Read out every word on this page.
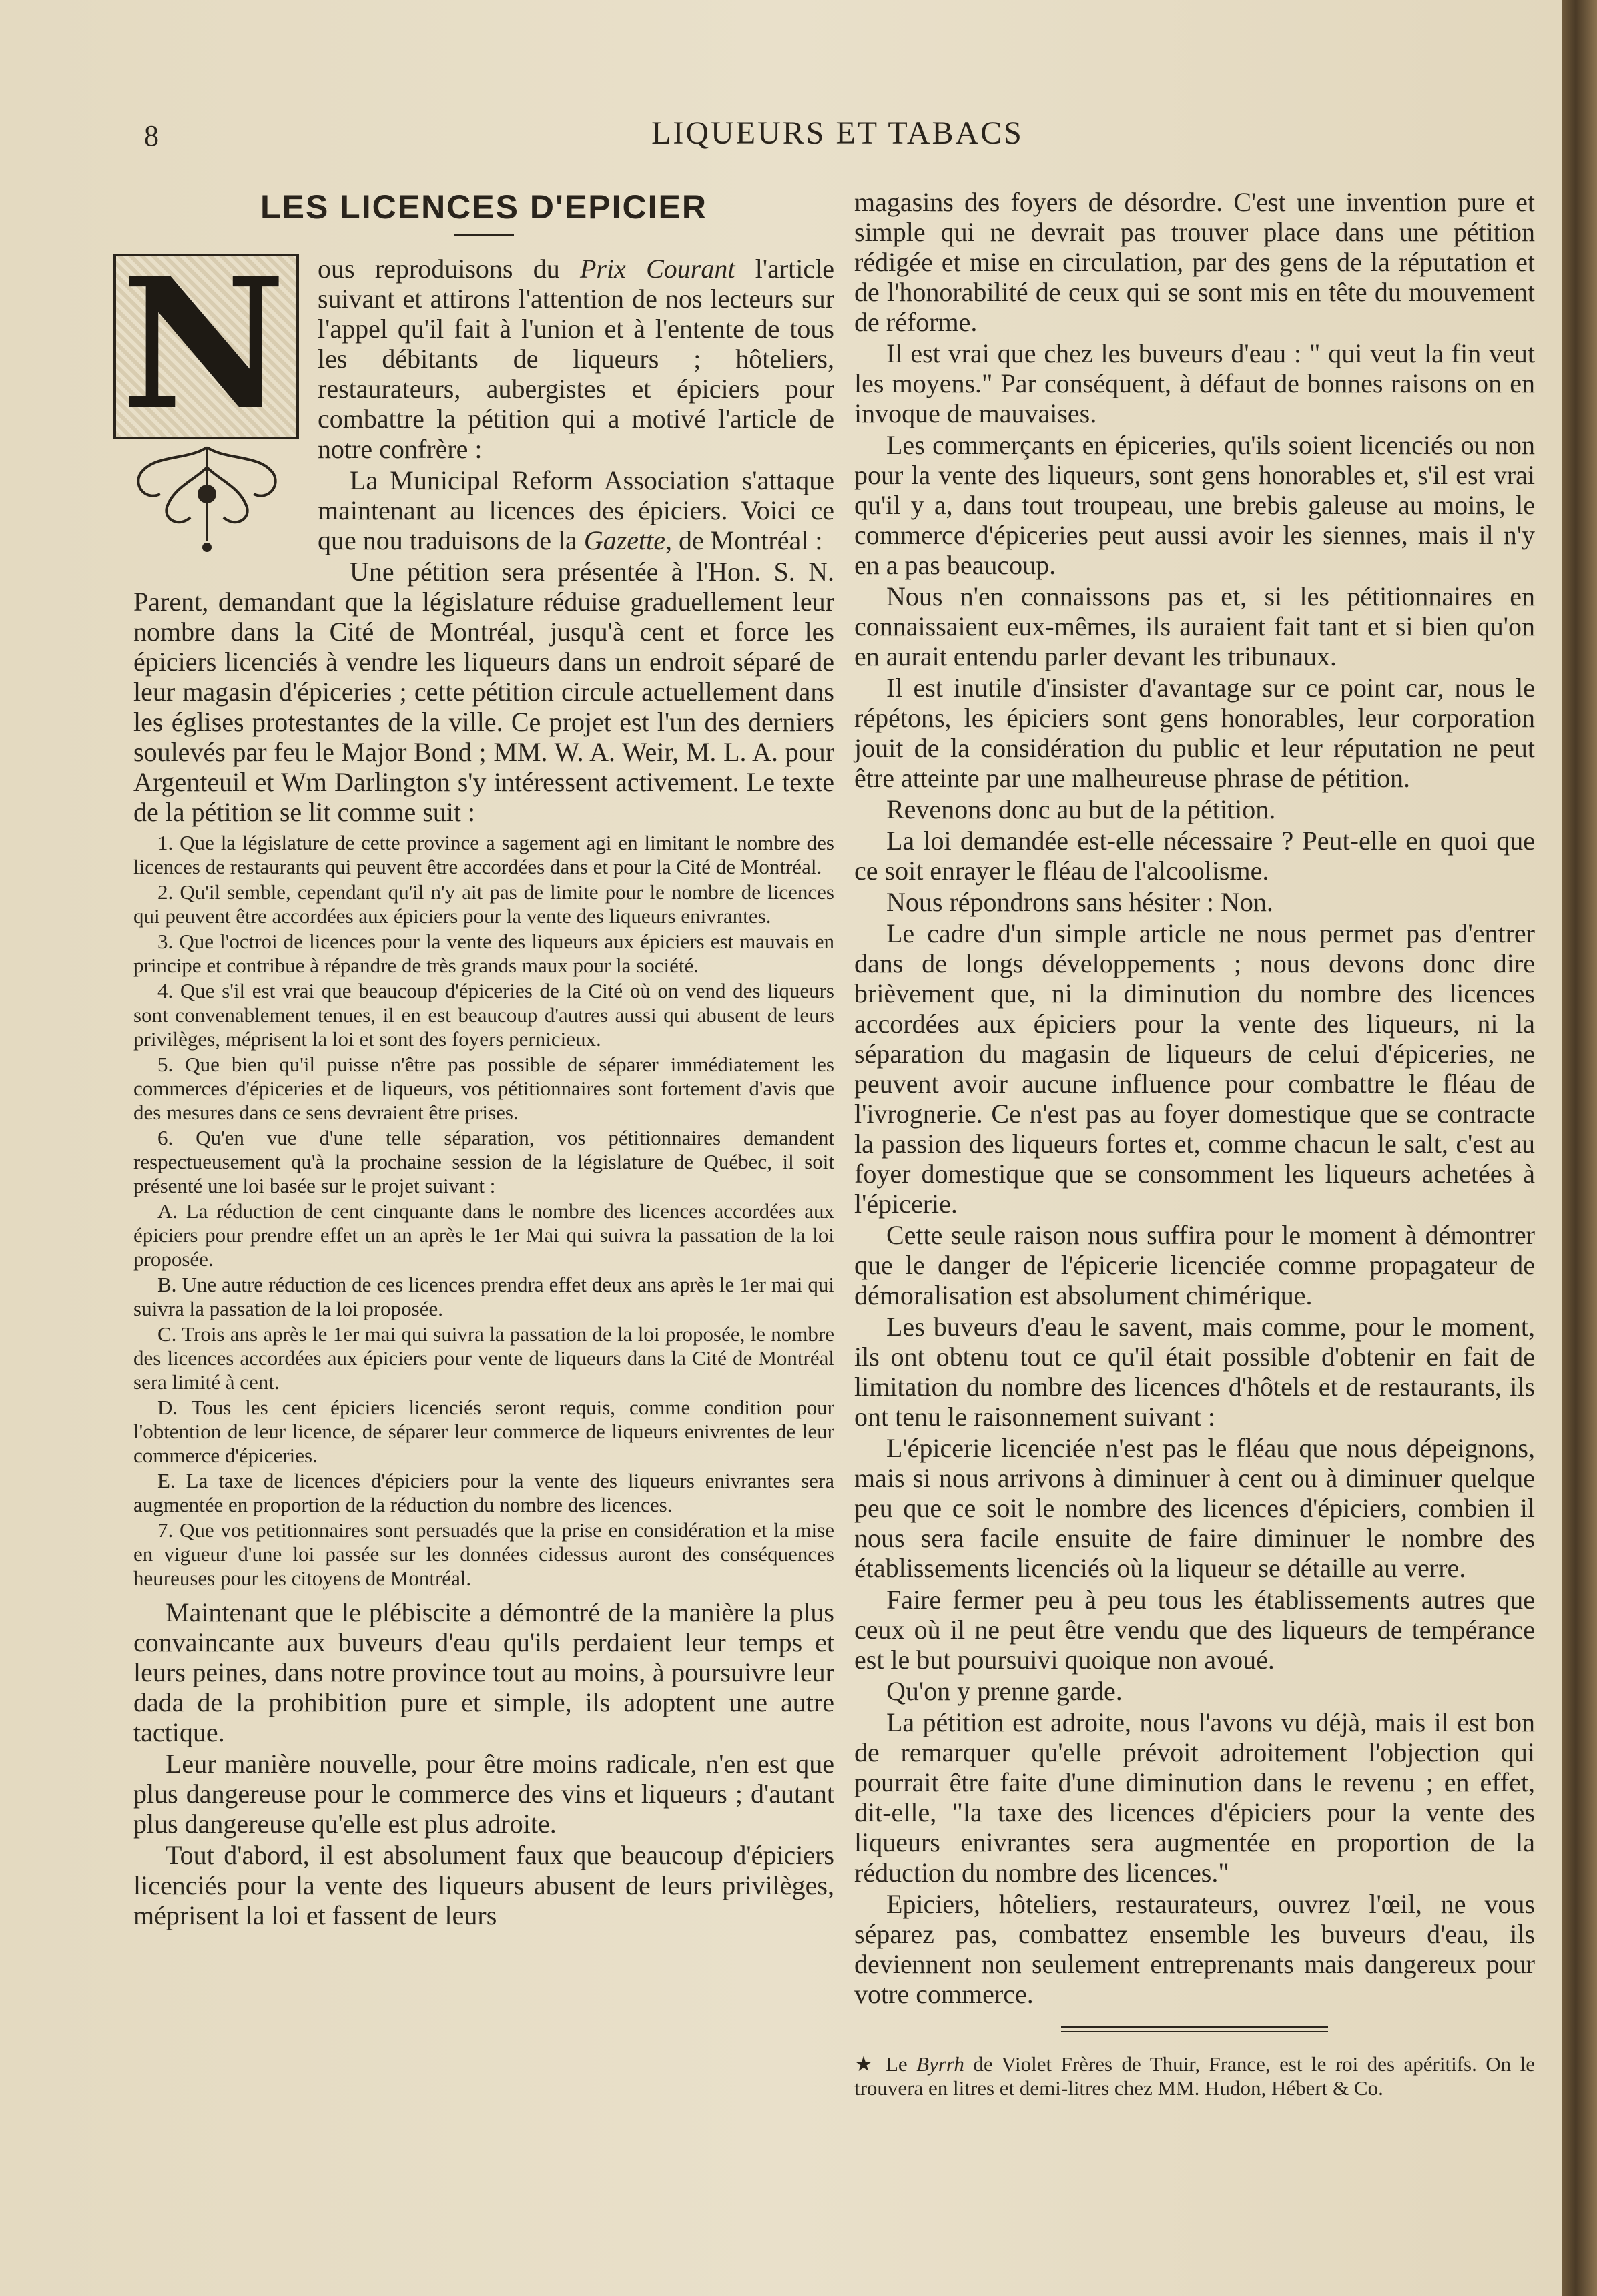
8	LIQUEURS ET TABACS
LES LICENCES D'EPICIER
N	ous reproduisons du Prix Courant l'article suivant et attirons l'attention de nos lecteurs sur l'appel qu'il fait à l'union et à l'entente de tous les débitants de liqueurs ; hôteliers, restaurateurs, aubergistes et épiciers pour combattre la pétition qui a motivé l'article de notre confrère :

La Municipal Reform Association s'attaque maintenant au licences des épiciers. Voici ce que nou traduisons de la Gazette, de Montréal :

Une pétition sera présentée à l'Hon. S. N. Parent, demandant que la législature réduise graduellement leur nombre dans la Cité de Montréal, jusqu'à cent et force les épiciers licenciés à vendre les liqueurs dans un endroit séparé de leur magasin d'épiceries ; cette pétition circule actuellement dans les églises protestantes de la ville. Ce projet est l'un des derniers soulevés par feu le Major Bond ; MM. W. A. Weir, M. L. A. pour Argenteuil et Wm Darlington s'y intéressent activement. Le texte de la pétition se lit comme suit :

1. Que la législature de cette province a sagement agi en limitant le nombre des licences de restaurants qui peuvent être accordées dans et pour la Cité de Montréal.

2. Qu'il semble, cependant qu'il n'y ait pas de limite pour le nombre de licences qui peuvent être accordées aux épiciers pour la vente des liqueurs enivrantes.

3. Que l'octroi de licences pour la vente des liqueurs aux épiciers est mauvais en principe et contribue à répandre de très grands maux pour la société.

4. Que s'il est vrai que beaucoup d'épiceries de la Cité où on vend des liqueurs sont convenablement tenues, il en est beaucoup d'autres aussi qui abusent de leurs privilèges, méprisent la loi et sont des foyers pernicieux.

5. Que bien qu'il puisse n'être pas possible de séparer immédiatement les commerces d'épiceries et de liqueurs, vos pétitionnaires sont fortement d'avis que des mesures dans ce sens devraient être prises.

6. Qu'en vue d'une telle séparation, vos pétitionnaires demandent respectueusement qu'à la prochaine session de la législature de Québec, il soit présenté une loi basée sur le projet suivant :

A. La réduction de cent cinquante dans le nombre des licences accordées aux épiciers pour prendre effet un an après le 1er Mai qui suivra la passation de la loi proposée.

B. Une autre réduction de ces licences prendra effet deux ans après le 1er mai qui suivra la passation de la loi proposée.

C. Trois ans après le 1er mai qui suivra la passation de la loi proposée, le nombre des licences accordées aux épiciers pour vente de liqueurs dans la Cité de Montréal sera limité à cent.

D. Tous les cent épiciers licenciés seront requis, comme condition pour l'obtention de leur licence, de séparer leur commerce de liqueurs enivrentes de leur commerce d'épiceries.

E. La taxe de licences d'épiciers pour la vente des liqueurs enivrantes sera augmentée en proportion de la réduction du nombre des licences.

7. Que vos petitionnaires sont persuadés que la prise en considération et la mise en vigueur d'une loi passée sur les données cidessus auront des conséquences heureuses pour les citoyens de Montréal.

Maintenant que le plébiscite a démontré de la manière la plus convaincante aux buveurs d'eau qu'ils perdaient leur temps et leurs peines, dans notre province tout au moins, à poursuivre leur dada de la prohibition pure et simple, ils adoptent une autre tactique.

Leur manière nouvelle, pour être moins radicale, n'en est que plus dangereuse pour le commerce des vins et liqueurs ; d'autant plus dangereuse qu'elle est plus adroite.

Tout d'abord, il est absolument faux que beaucoup d'épiciers licenciés pour la vente des liqueurs abusent de leurs privilèges, méprisent la loi et fassent de leurs

magasins des foyers de désordre. C'est une invention pure et simple qui ne devrait pas trouver place dans une pétition rédigée et mise en circulation, par des gens de la réputation et de l'honorabilité de ceux qui se sont mis en tête du mouvement de réforme.

Il est vrai que chez les buveurs d'eau : " qui veut la fin veut les moyens." Par conséquent, à défaut de bonnes raisons on en invoque de mauvaises.

Les commerçants en épiceries, qu'ils soient licenciés ou non pour la vente des liqueurs, sont gens honorables et, s'il est vrai qu'il y a, dans tout troupeau, une brebis galeuse au moins, le commerce d'épiceries peut aussi avoir les siennes, mais il n'y en a pas beaucoup.

Nous n'en connaissons pas et, si les pétitionnaires en connaissaient eux-mêmes, ils auraient fait tant et si bien qu'on en aurait entendu parler devant les tribunaux.

Il est inutile d'insister d'avantage sur ce point car, nous le répétons, les épiciers sont gens honorables, leur corporation jouit de la considération du public et leur réputation ne peut être atteinte par une malheureuse phrase de pétition.

Revenons donc au but de la pétition.

La loi demandée est-elle nécessaire ? Peut-elle en quoi que ce soit enrayer le fléau de l'alcoolisme.

Nous répondrons sans hésiter : Non.

Le cadre d'un simple article ne nous permet pas d'entrer dans de longs développements ; nous devons donc dire brièvement que, ni la diminution du nombre des licences accordées aux épiciers pour la vente des liqueurs, ni la séparation du magasin de liqueurs de celui d'épiceries, ne peuvent avoir aucune influence pour combattre le fléau de l'ivrognerie. Ce n'est pas au foyer domestique que se contracte la passion des liqueurs fortes et, comme chacun le salt, c'est au foyer domestique que se consomment les liqueurs achetées à l'épicerie.

Cette seule raison nous suffira pour le moment à démontrer que le danger de l'épicerie licenciée comme propagateur de démoralisation est absolument chimérique.

Les buveurs d'eau le savent, mais comme, pour le moment, ils ont obtenu tout ce qu'il était possible d'obtenir en fait de limitation du nombre des licences d'hôtels et de restaurants, ils ont tenu le raisonnement suivant :

L'épicerie licenciée n'est pas le fléau que nous dépeignons, mais si nous arrivons à diminuer à cent ou à diminuer quelque peu que ce soit le nombre des licences d'épiciers, combien il nous sera facile ensuite de faire diminuer le nombre des établissements licenciés où la liqueur se détaille au verre.

Faire fermer peu à peu tous les établissements autres que ceux où il ne peut être vendu que des liqueurs de tempérance est le but poursuivi quoique non avoué.

Qu'on y prenne garde.

La pétition est adroite, nous l'avons vu déjà, mais il est bon de remarquer qu'elle prévoit adroitement l'objection qui pourrait être faite d'une diminution dans le revenu ; en effet, dit-elle, "la taxe des licences d'épiciers pour la vente des liqueurs enivrantes sera augmentée en proportion de la réduction du nombre des licences."

Epiciers, hôteliers, restaurateurs, ouvrez l'œil, ne vous séparez pas, combattez ensemble les buveurs d'eau, ils deviennent non seulement entreprenants mais dangereux pour votre commerce.

★ Le Byrrh de Violet Frères de Thuir, France, est le roi des apéritifs. On le trouvera en litres et demi-litres chez MM. Hudon, Hébert & Co.
